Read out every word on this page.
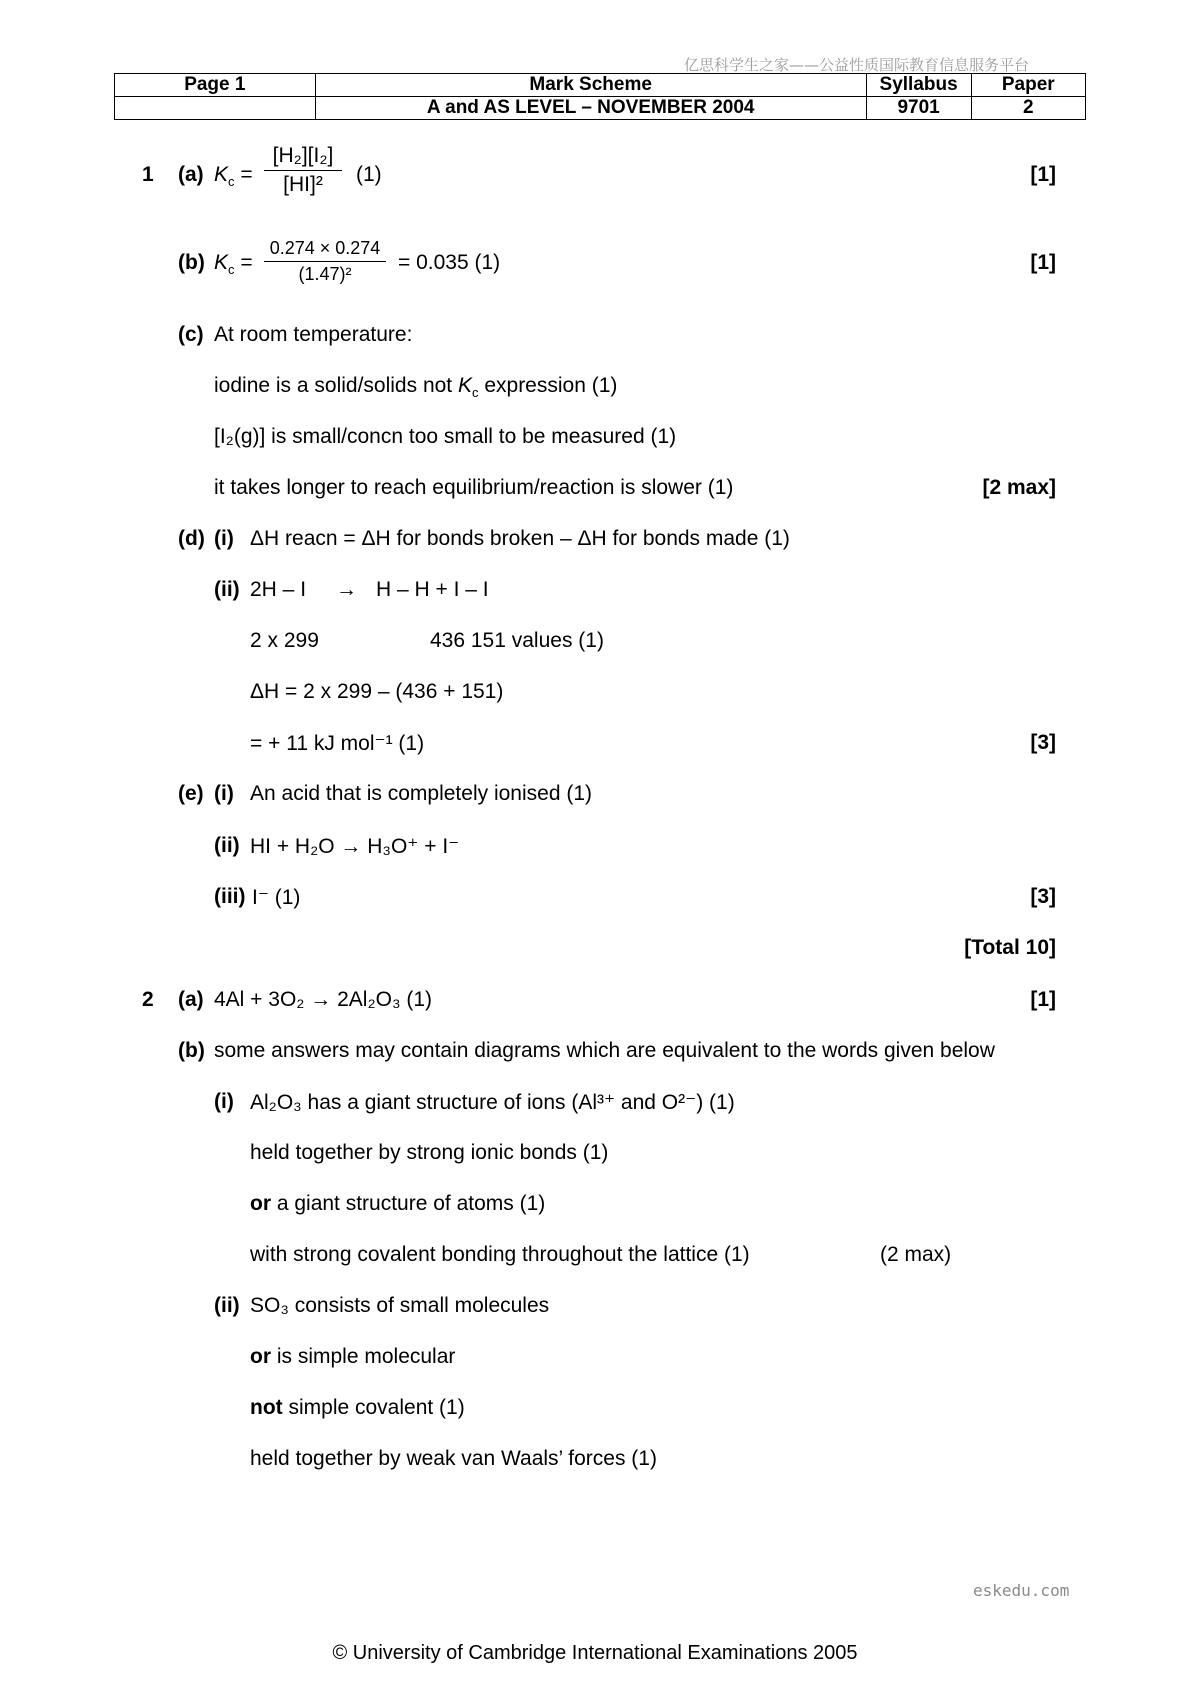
亿思科学生之家——公益性质国际教育信息服务平台
Page 1	Mark Scheme	Syllabus	Paper
	A and AS LEVEL – NOVEMBER 2004	9701	2
1 (a) $K_c$ =
[H₂][I₂]
[HI]²	(1)	[1]
(b) $K_c$ =
0.274 × 0.274
(1.47)²	= 0.035 (1)	[1]
(c) At room temperature:
iodine is a solid/solids not $K_c$ expression (1)
[I₂(g)] is small/concn too small to be measured (1)
it takes longer to reach equilibrium/reaction is slower (1)	[2 max]
(d) (i) ΔH reacn = ΔH for bonds broken – ΔH for bonds made (1)
(ii) 2H – I → H – H + I – I
2 x 299	436 151 values (1)
ΔH = 2 x 299 – (436 + 151)
= + 11 kJ mol⁻¹ (1)	[3]
(e) (i) An acid that is completely ionised (1)
(ii) HI + H₂O → H₃O⁺ + I⁻
(iii) I⁻ (1)	[3]
[Total 10]
2 (a) 4Al + 3O₂ → 2Al₂O₃ (1)	[1]
(b) some answers may contain diagrams which are equivalent to the words given below
(i) Al₂O₃ has a giant structure of ions (Al³⁺ and O²⁻) (1)
held together by strong ionic bonds (1)
or a giant structure of atoms (1)
with strong covalent bonding throughout the lattice (1)	(2 max)
(ii) SO₃ consists of small molecules
or is simple molecular
not simple covalent (1)
held together by weak van Waals’ forces (1)
eskedu.com
© University of Cambridge International Examinations 2005
